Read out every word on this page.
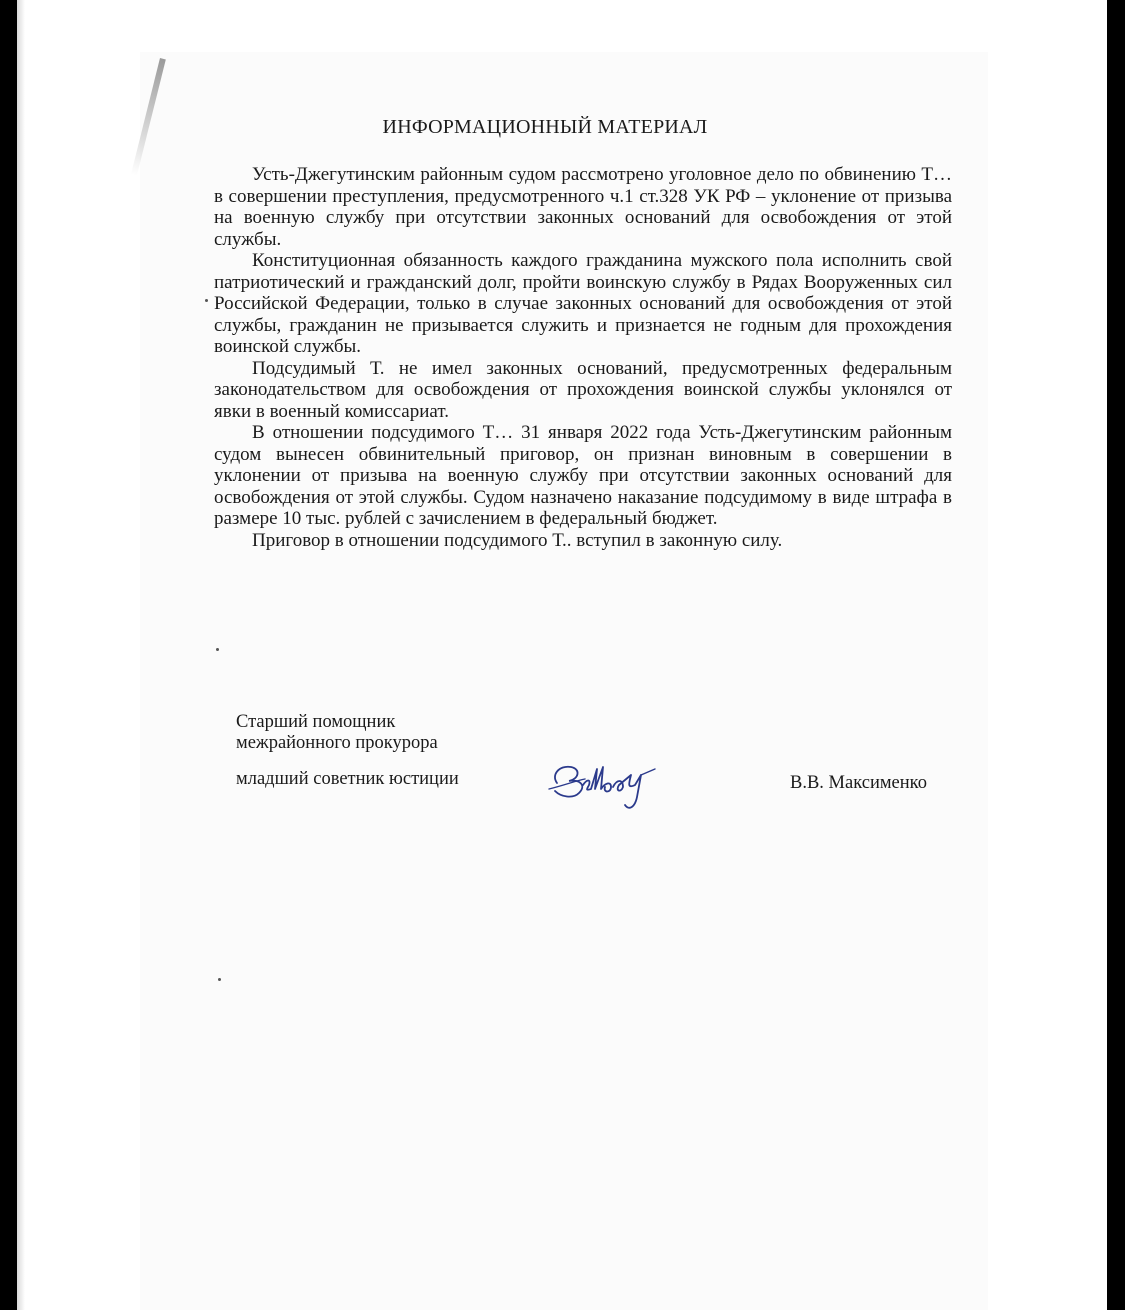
ИНФОРМАЦИОННЫЙ МАТЕРИАЛ

Усть-Джегутинским районным судом рассмотрено уголовное дело по обвинению Т… в совершении преступления, предусмотренного ч.1 ст.328 УК РФ – уклонение от призыва на военную службу при отсутствии законных оснований для освобождения от этой службы.

Конституционная обязанность каждого гражданина мужского пола исполнить свой патриотический и гражданский долг, пройти воинскую службу в Рядах Вооруженных сил Российской Федерации, только в случае законных оснований для освобождения от этой службы, гражданин не призывается служить и признается не годным для прохождения воинской службы.

Подсудимый Т. не имел законных оснований, предусмотренных федеральным законодательством для освобождения от прохождения воинской службы уклонялся от явки в военный комиссариат.

В отношении подсудимого Т… 31 января 2022 года Усть-Джегутинским районным судом вынесен обвинительный приговор, он признан виновным в совершении в уклонении от призыва на военную службу при отсутствии законных оснований для освобождения от этой службы. Судом назначено наказание подсудимому в виде штрафа в размере 10 тыс. рублей с зачислением в федеральный бюджет.

Приговор в отношении подсудимого Т.. вступил в законную силу.

Старший помощник
межрайонного прокурора
младший советник юстиции	В.В. Максименко
